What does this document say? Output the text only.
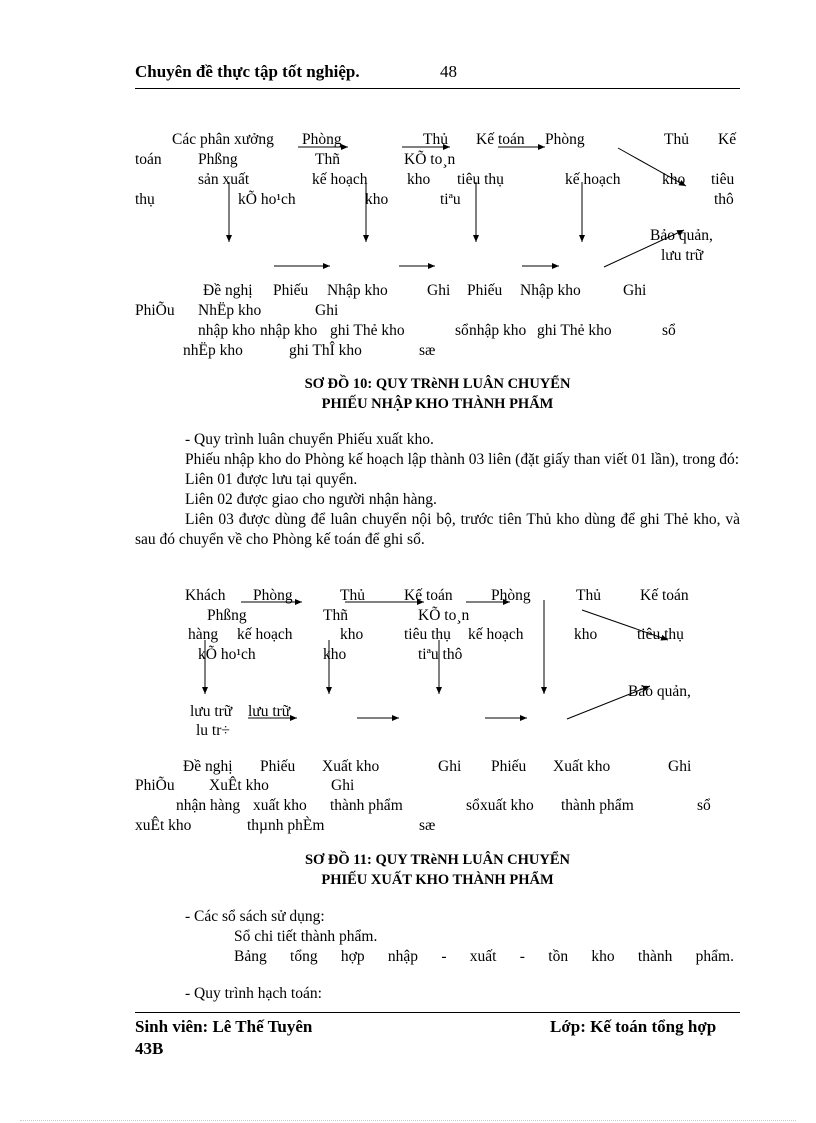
Chuyên đề thực tập tốt nghiệp.	48
Các phân xưởng Phòng	Thủ Kế toán Phòng	Thủ Kế
toán Phßng	Thñ	KÕ to¸n
sản xuất	kế hoạch	kho tiêu thụ	kế hoạch	kho tiêu
thụ	kÕ ho¹ch	kho	tiªu	thô
Bảo quản,
lưu trữ
Đề nghị Phiếu Nhập kho	Ghi Phiếu Nhập kho	Ghi
PhiÕu NhËp kho	Ghi
nhập kho nhập kho ghi Thẻ kho	sổ nhập kho ghi Thẻ kho	sổ
nhËp kho	ghi ThÎ kho	sæ
SƠ ĐỒ 10: QUY TRèNH LUÂN CHUYỂN
PHIẾU NHẬP KHO THÀNH PHẨM
- Quy trình luân chuyển Phiếu xuất kho.
Phiếu nhập kho do Phòng kế hoạch lập thành 03 liên (đặt giấy than viết 01 lần), trong đó:
Liên 01 được lưu tại quyển.
Liên 02 được giao cho người nhận hàng.
Liên 03 được dùng để luân chuyển nội bộ, trước tiên Thủ kho dùng để ghi Thẻ kho, và sau đó chuyển về cho Phòng kế toán để ghi sổ.
Khách Phòng	Thủ	Kế toán Phòng	Thủ	Kế toán
Phßng	Thñ	KÕ to¸n
hàng kế hoạch	kho	tiêu thụ kế hoạch	kho	tiêu thụ
kÕ ho¹ch	kho	tiªu thô
Bảo quản,
lưu trữ lưu trữ
lu tr÷
Đề nghị Phiếu Xuất kho	Ghi Phiếu Xuất kho	Ghi
PhiÕu XuÊt kho	Ghi
nhận hàng xuất kho thành phẩm	sổ xuất kho thành phẩm	sổ
xuÊt kho	thµnh phÈm	sæ
SƠ ĐỒ 11: QUY TRèNH LUÂN CHUYỂN
PHIẾU XUẤT KHO THÀNH PHẨM
- Các sổ sách sử dụng:
Sổ chi tiết thành phẩm.
Bảng tổng hợp nhập - xuất - tồn kho thành phẩm.
- Quy trình hạch toán:
Sinh viên: Lê Thế Tuyên	Lớp: Kế toán tổng hợp
43B
